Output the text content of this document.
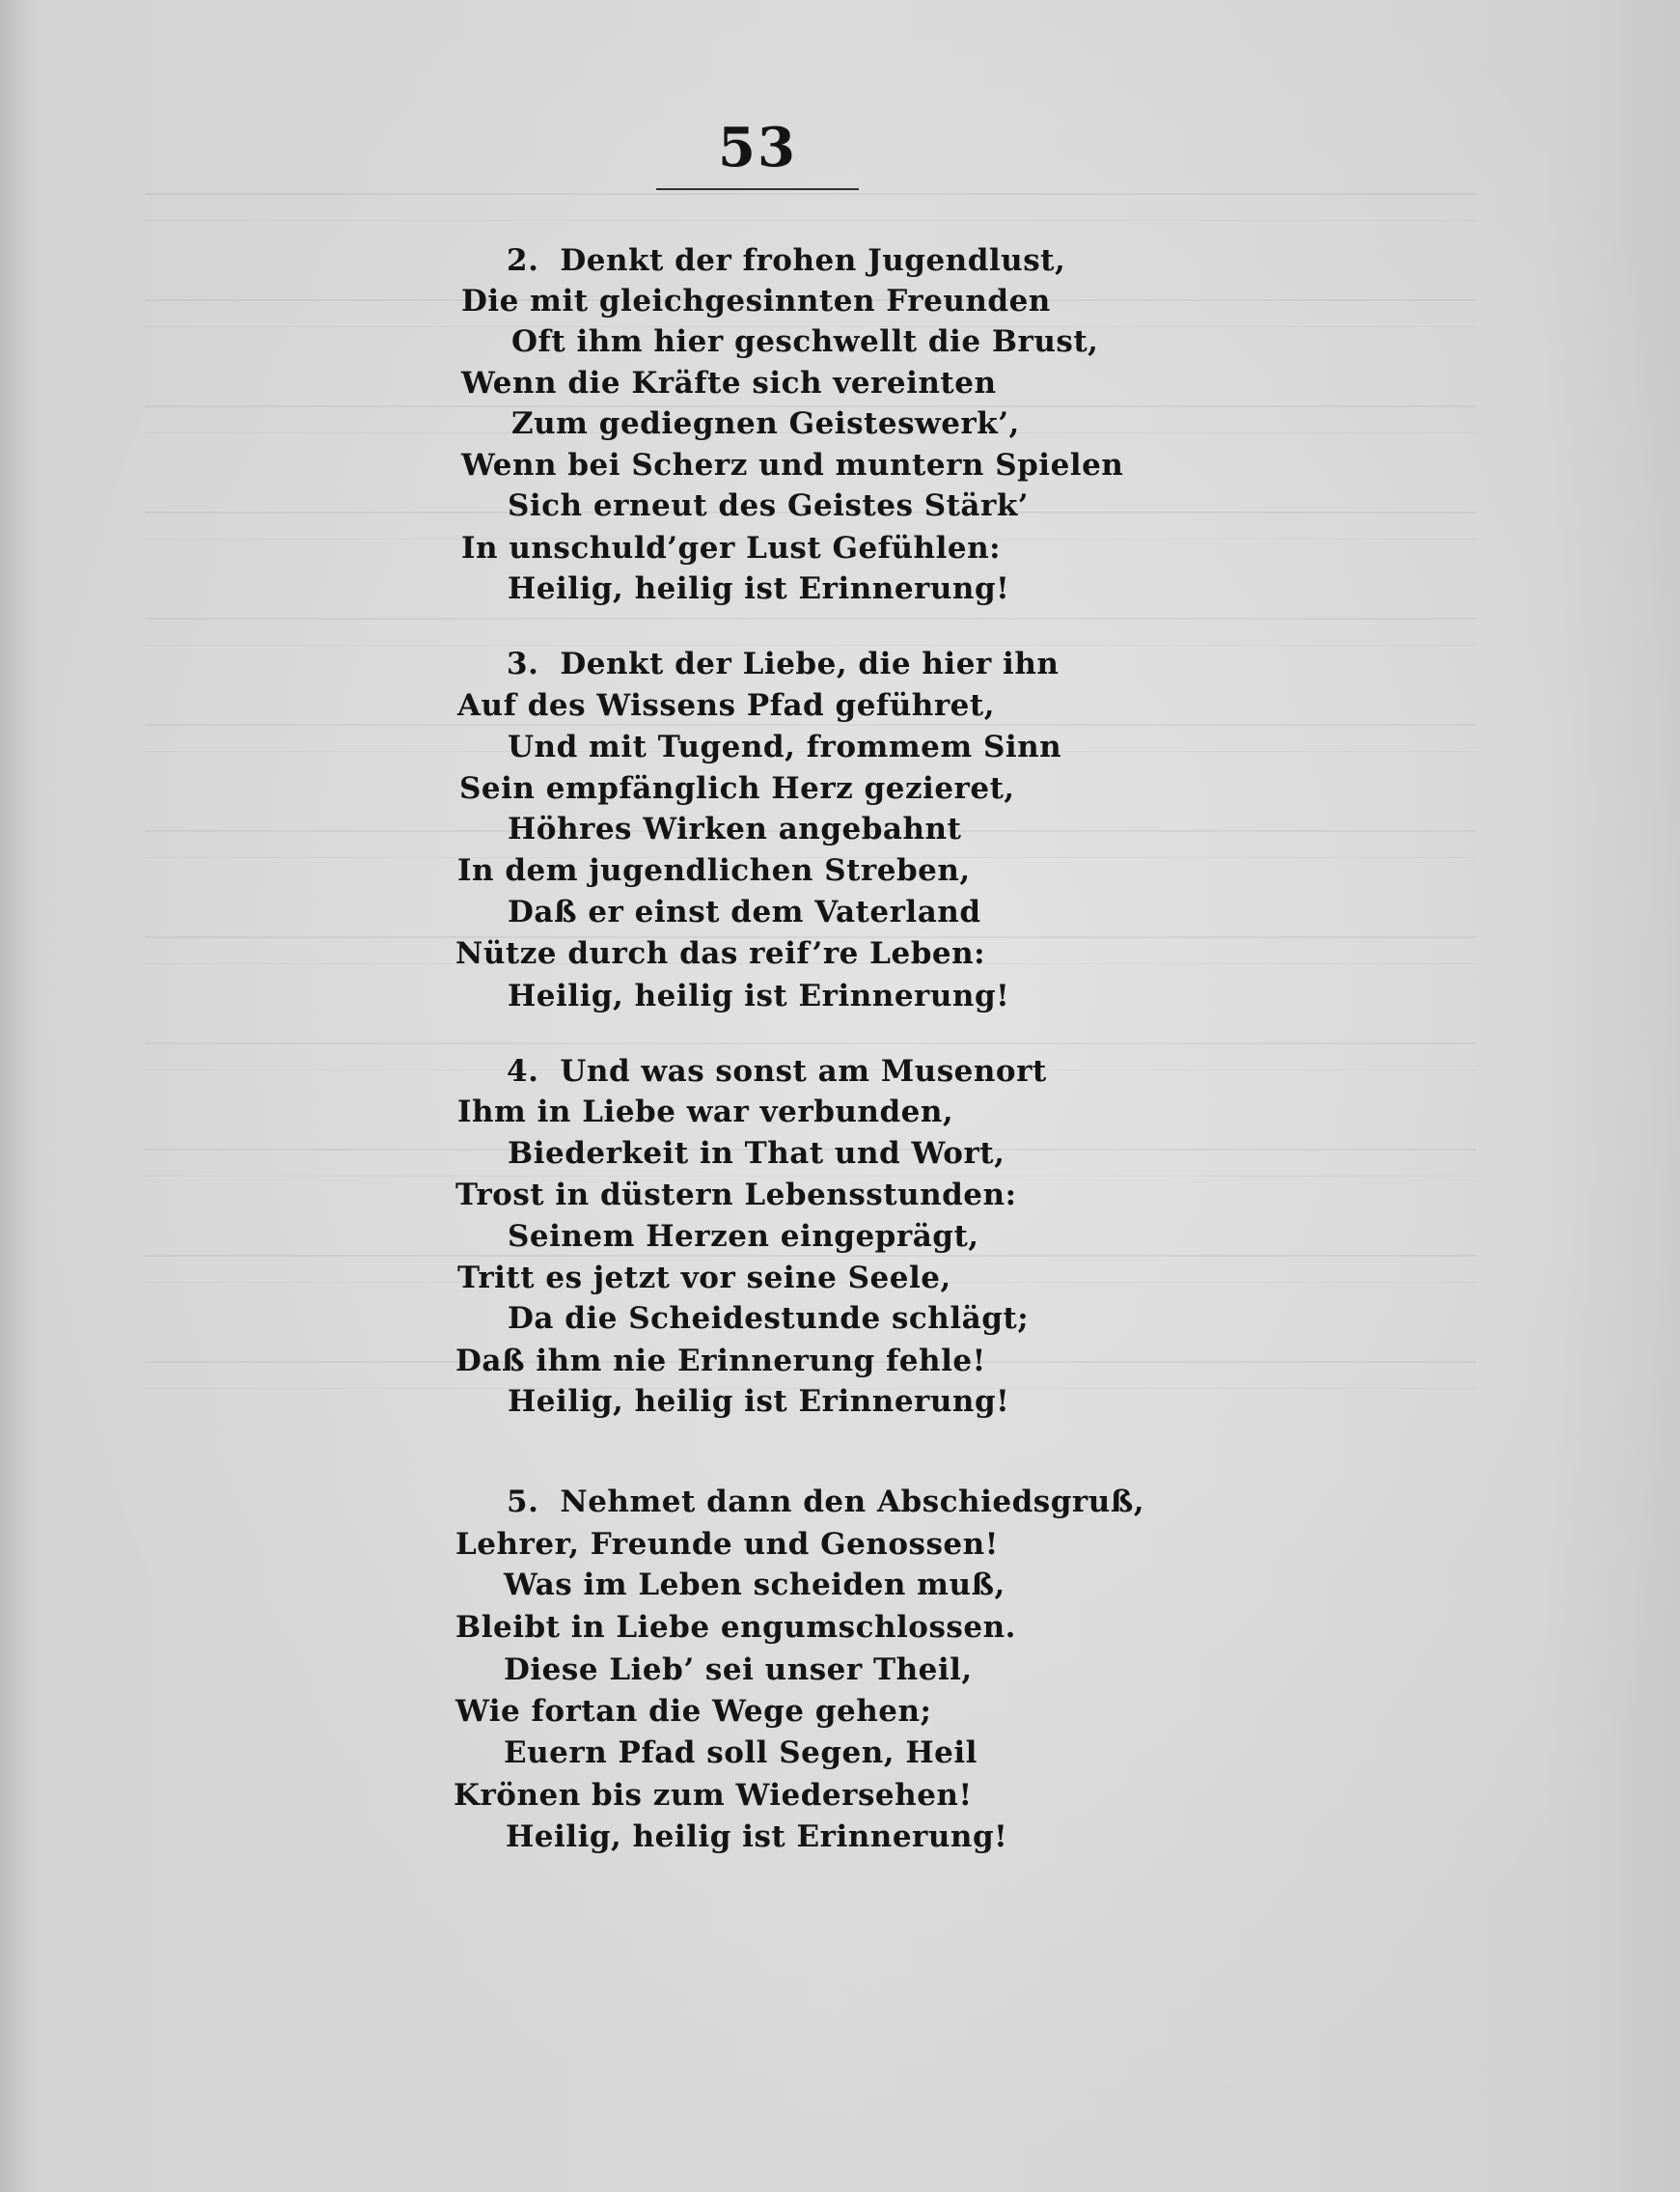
53
2. Denkt der frohen Jugendlust,
Die mit gleichgesinnten Freunden
Oft ihm hier geschwellt die Brust,
Wenn die Kräfte sich vereinten
Zum gediegnen Geisteswerk’,
Wenn bei Scherz und muntern Spielen
Sich erneut des Geistes Stärk’
In unschuld’ger Lust Gefühlen:
Heilig, heilig ist Erinnerung!
3. Denkt der Liebe, die hier ihn
Auf des Wissens Pfad geführet,
Und mit Tugend, frommem Sinn
Sein empfänglich Herz gezieret,
Höhres Wirken angebahnt
In dem jugendlichen Streben,
Daß er einst dem Vaterland
Nütze durch das reif’re Leben:
Heilig, heilig ist Erinnerung!
4. Und was sonst am Musenort
Ihm in Liebe war verbunden,
Biederkeit in That und Wort,
Trost in düstern Lebensstunden:
Seinem Herzen eingeprägt,
Tritt es jetzt vor seine Seele,
Da die Scheidestunde schlägt;
Daß ihm nie Erinnerung fehle!
Heilig, heilig ist Erinnerung!
5. Nehmet dann den Abschiedsgruß,
Lehrer, Freunde und Genossen!
Was im Leben scheiden muß,
Bleibt in Liebe engumschlossen.
Diese Lieb’ sei unser Theil,
Wie fortan die Wege gehen;
Euern Pfad soll Segen, Heil
Krönen bis zum Wiedersehen!
Heilig, heilig ist Erinnerung!
